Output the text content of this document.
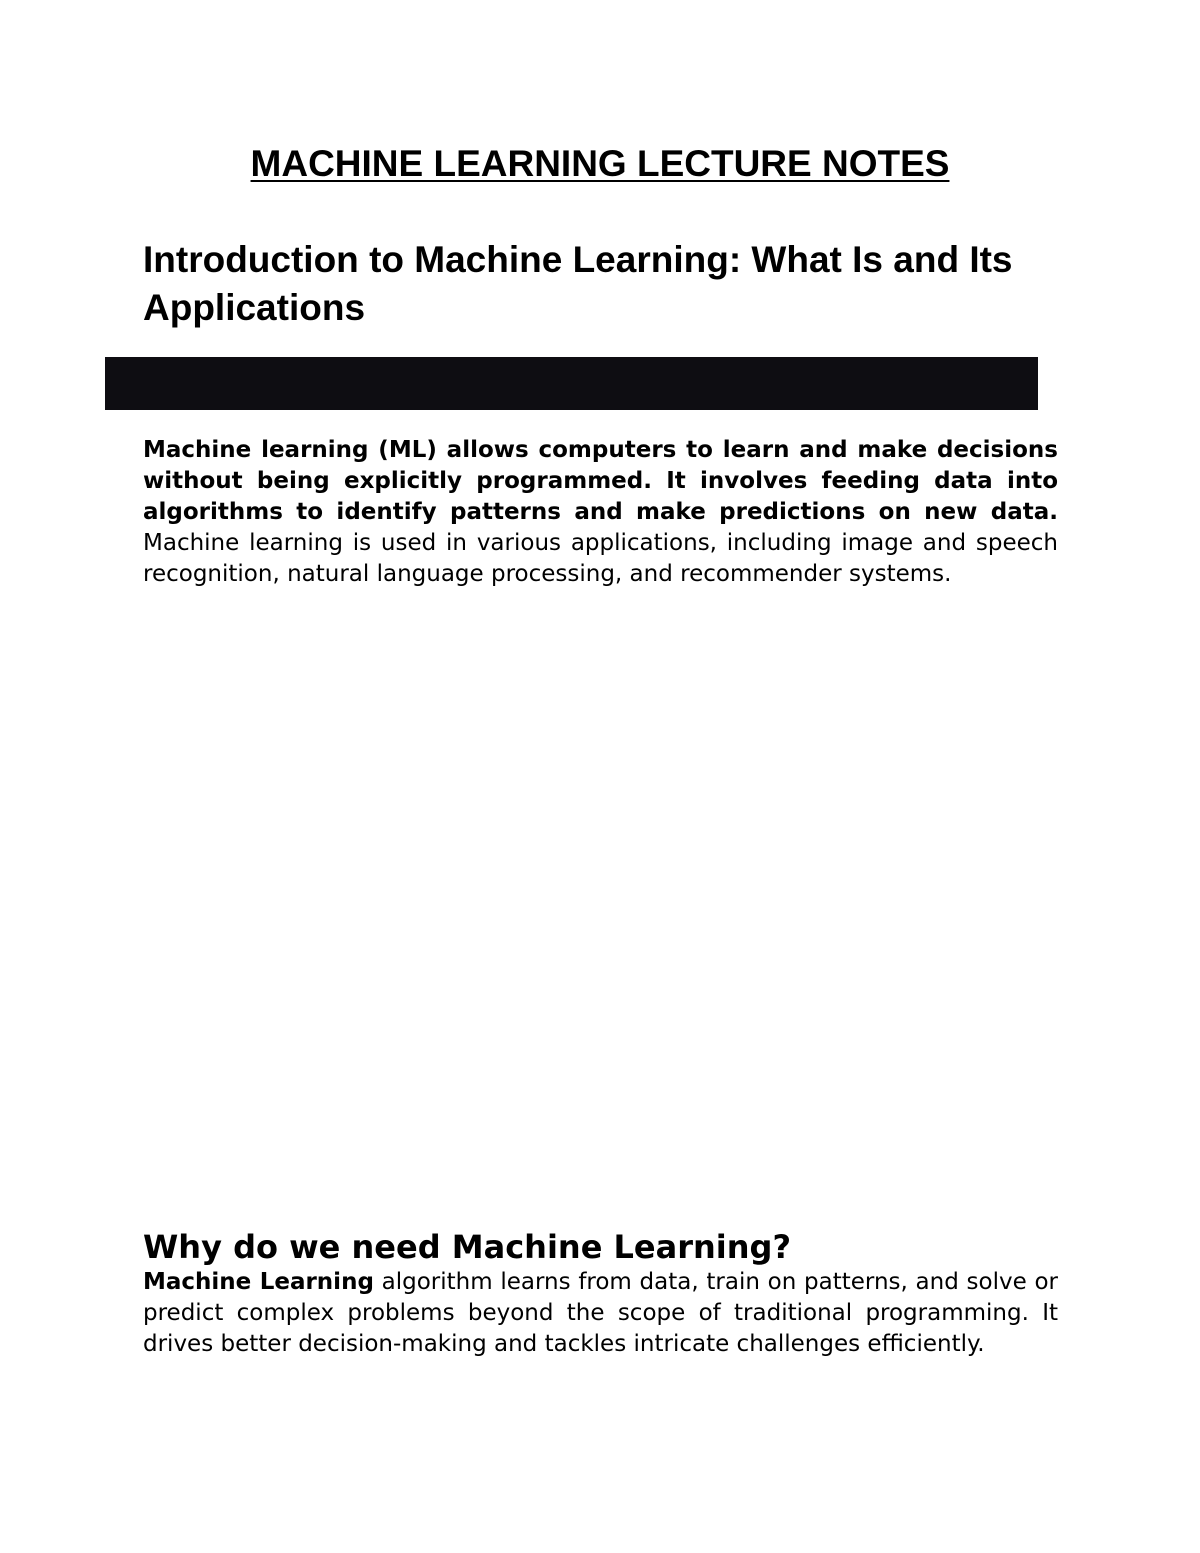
MACHINE LEARNING LECTURE NOTES
Introduction to Machine Learning: What Is and Its Applications

Machine learning (ML) allows computers to learn and make decisions without being explicitly programmed. It involves feeding data into algorithms to identify patterns and make predictions on new data. Machine learning is used in various applications, including image and speech recognition, natural language processing, and recommender systems.

Why do we need Machine Learning?

Machine Learning algorithm learns from data, train on patterns, and solve or predict complex problems beyond the scope of traditional programming. It drives better decision-making and tackles intricate challenges efficiently.
